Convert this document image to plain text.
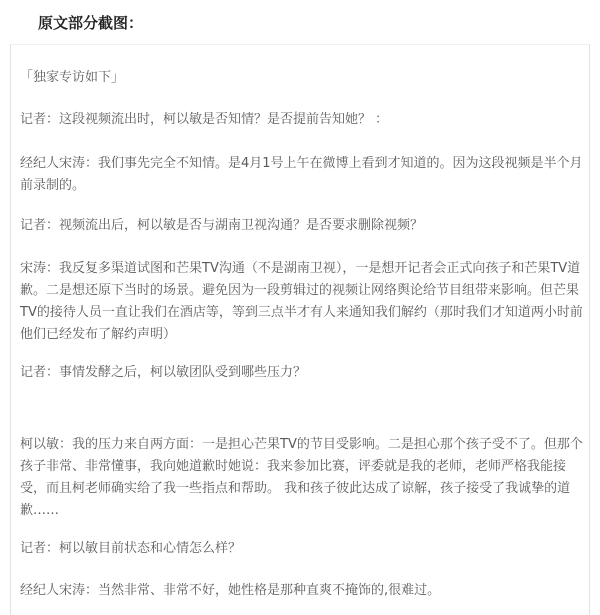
原文部分截图：

「独家专访如下」

记者：这段视频流出时，柯以敏是否知情？是否提前告知她？ ：

经纪人宋涛：我们事先完全不知情。是4月1号上午在微博上看到才知道的。因为这段视频是半个月
前录制的。

记者：视频流出后，柯以敏是否与湖南卫视沟通？是否要求删除视频？

宋涛：我反复多渠道试图和芒果TV沟通（不是湖南卫视），一是想开记者会正式向孩子和芒果TV道
歉。二是想还原下当时的场景。避免因为一段剪辑过的视频让网络舆论给节目组带来影响。但芒果
TV的接待人员一直让我们在酒店等，等到三点半才有人来通知我们解约（那时我们才知道两小时前
他们已经发布了解约声明）

记者：事情发酵之后，柯以敏团队受到哪些压力？

柯以敏：我的压力来自两方面：一是担心芒果TV的节目受影响。二是担心那个孩子受不了。但那个
孩子非常、非常懂事，我向她道歉时她说：我来参加比赛，评委就是我的老师，老师严格我能接
受，而且柯老师确实给了我一些指点和帮助。 我和孩子彼此达成了谅解，孩子接受了我诚挚的道
歉……

记者：柯以敏目前状态和心情怎么样？

经纪人宋涛：当然非常、非常不好，她性格是那种直爽不掩饰的,很难过。
